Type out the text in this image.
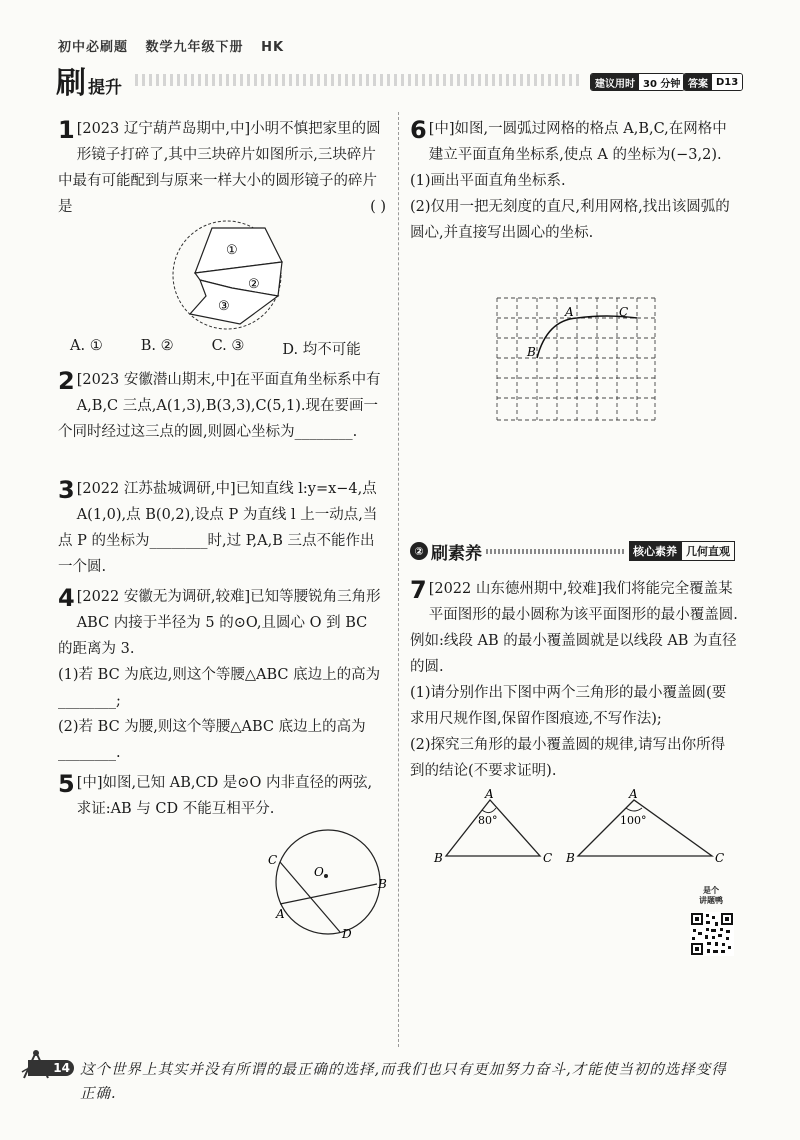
初中必刷题 数学九年级下册 HK
刷 提升	建议用时 30 分钟 答案 D13
1 [2023 辽宁葫芦岛期中,中]小明不慎把家里的圆形镜子打碎了,其中三块碎片如图所示,三块碎片中最有可能配到与原来一样大小的圆形镜子的碎片是	( )
①
②
③
A. ①	B. ②	C. ③	D. 均不可能
2 [2023 安徽潜山期末,中]在平面直角坐标系中有 A,B,C 三点,A(1,3),B(3,3),C(5,1).现在要画一个同时经过这三点的圆,则圆心坐标为________.
3 [2022 江苏盐城调研,中]已知直线 l:y=x−4,点A(1,0),点 B(0,2),设点 P 为直线 l 上一动点,当点 P 的坐标为________时,过 P,A,B 三点不能作出一个圆.
4 [2022 安徽无为调研,较难]已知等腰锐角三角形 ABC 内接于半径为 5 的⊙O,且圆心 O 到 BC 的距离为 3.

(1)若 BC 为底边,则这个等腰△ABC 底边上的高为________;

(2)若 BC 为腰,则这个等腰△ABC 底边上的高为________.

5 [中]如图,已知 AB,CD 是⊙O 内非直径的两弦,求证:AB 与 CD 不能互相平分.
O
C
B
A
D
6 [中]如图,一圆弧过网格的格点 A,B,C,在网格中建立平面直角坐标系,使点 A 的坐标为(−3,2).

(1)画出平面直角坐标系.

(2)仅用一把无刻度的直尺,利用网格,找出该圆弧的圆心,并直接写出圆心的坐标.

A
B
C
② 刷素养	核心素养 几何直观
7 [2022 山东德州期中,较难]我们将能完全覆盖某平面图形的最小圆称为该平面图形的最小覆盖圆. 例如:线段 AB 的最小覆盖圆就是以线段 AB 为直径的圆.

(1)请分别作出下图中两个三角形的最小覆盖圆(要求用尺规作图,保留作图痕迹,不写作法);

(2)探究三角形的最小覆盖圆的规律,请写出你所得到的结论(不要求证明).

A
B	C
80°
A
B	C
100°
是个
讲题鸭
14 这个世界上其实并没有所谓的最正确的选择,而我们也只有更加努力奋斗,才能使当初的选择变得正确.
